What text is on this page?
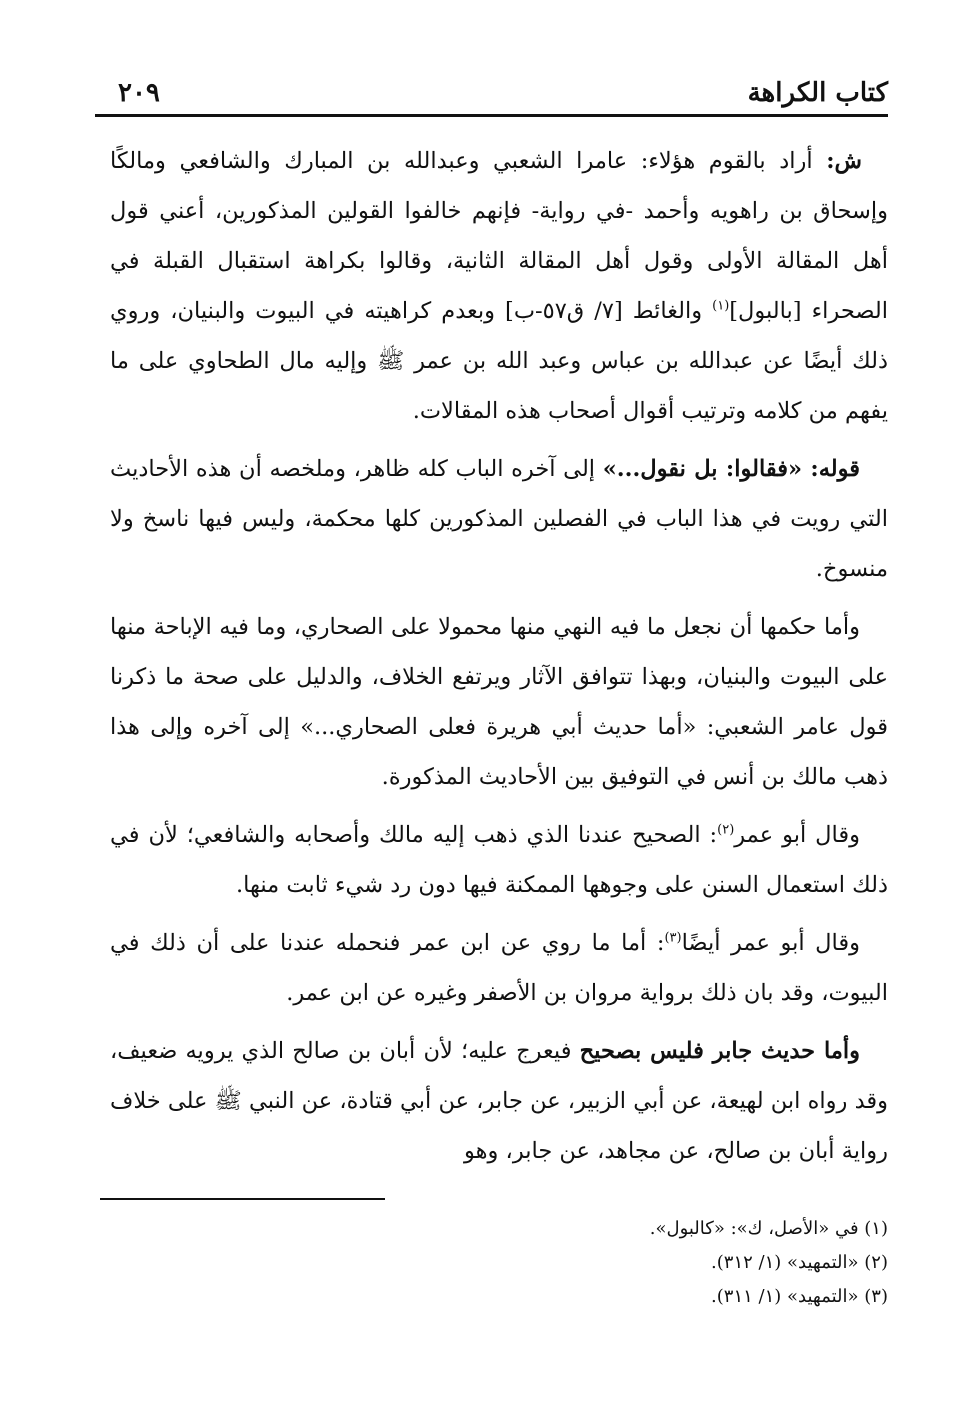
كتاب الكراهة
٢٠٩

ش: أراد بالقوم هؤلاء: عامرا الشعبي وعبدالله بن المبارك والشافعي ومالكًا وإسحاق بن راهويه وأحمد -في رواية- فإنهم خالفوا القولين المذكورين، أعني قول أهل المقالة الأولى وقول أهل المقالة الثانية، وقالوا بكراهة استقبال القبلة في الصحراء [بالبول]$^{(١)}$ والغائط [٧/ ق٥٧-ب] وبعدم كراهيته في البيوت والبنيان، وروي ذلك أيضًا عن عبدالله بن عباس وعبد الله بن عمر ﷺ وإليه مال الطحاوي على ما يفهم من كلامه وترتيب أقوال أصحاب هذه المقالات.

قوله: «فقالوا: بل نقول...» إلى آخره الباب كله ظاهر، وملخصه أن هذه الأحاديث التي رويت في هذا الباب في الفصلين المذكورين كلها محكمة، وليس فيها ناسخ ولا منسوخ.

وأما حكمها أن نجعل ما فيه النهي منها محمولا على الصحاري، وما فيه الإباحة منها على البيوت والبنيان، وبهذا تتوافق الآثار ويرتفع الخلاف، والدليل على صحة ما ذكرنا قول عامر الشعبي: «أما حديث أبي هريرة فعلى الصحاري...» إلى آخره وإلى هذا ذهب مالك بن أنس في التوفيق بين الأحاديث المذكورة.

وقال أبو عمر$^{(٢)}$: الصحيح عندنا الذي ذهب إليه مالك وأصحابه والشافعي؛ لأن في ذلك استعمال السنن على وجوهها الممكنة فيها دون رد شيء ثابت منها.

وقال أبو عمر أيضًا$^{(٣)}$: أما ما روي عن ابن عمر فنحمله عندنا على أن ذلك في البيوت، وقد بان ذلك برواية مروان بن الأصفر وغيره عن ابن عمر.

وأما حديث جابر فليس بصحيح فيعرج عليه؛ لأن أبان بن صالح الذي يرويه ضعيف، وقد رواه ابن لهيعة، عن أبي الزبير، عن جابر، عن أبي قتادة، عن النبي ﷺ على خلاف رواية أبان بن صالح، عن مجاهد، عن جابر، وهو

(١) في «الأصل، ك»: «كالبول».

(٢) «التمهيد» (١/ ٣١٢).

(٣) «التمهيد» (١/ ٣١١).
